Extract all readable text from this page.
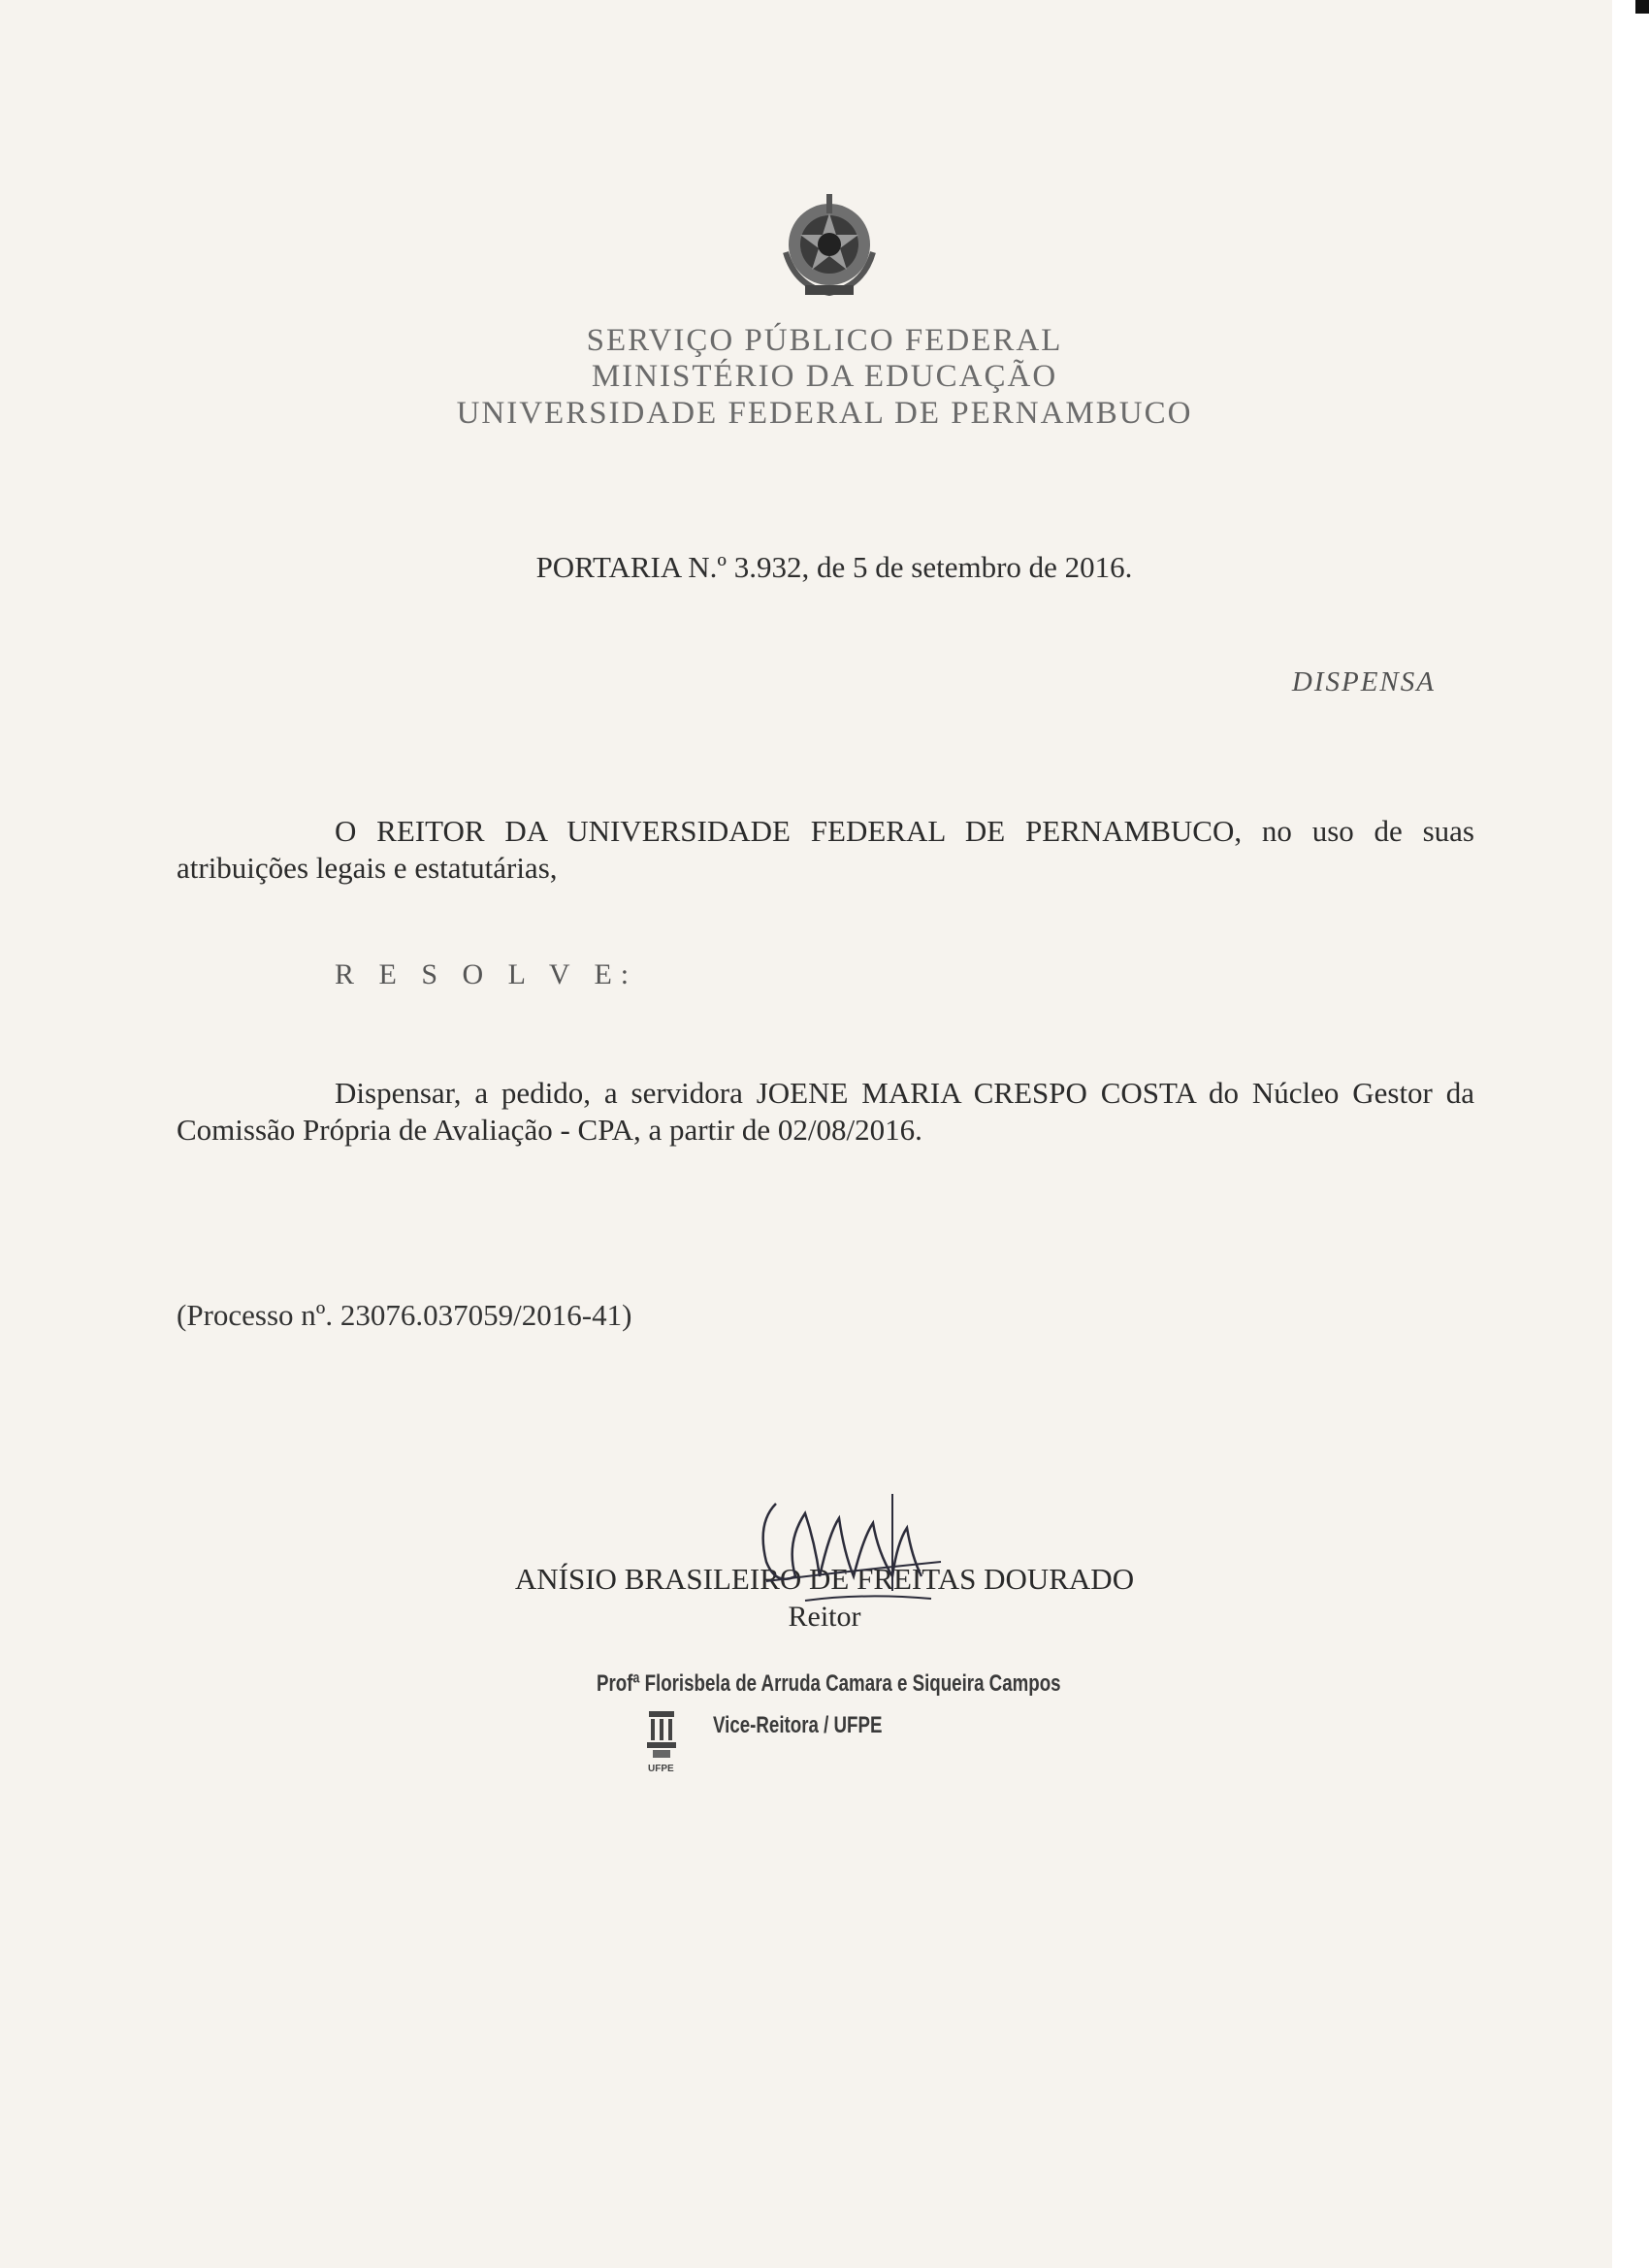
SERVIÇO PÚBLICO FEDERAL
MINISTÉRIO DA EDUCAÇÃO
UNIVERSIDADE FEDERAL DE PERNAMBUCO
PORTARIA N.º 3.932, de 5 de setembro de 2016.
DISPENSA
O REITOR DA UNIVERSIDADE FEDERAL DE PERNAMBUCO, no uso de suas atribuições legais e estatutárias,
R E S O L V E:
Dispensar, a pedido, a servidora JOENE MARIA CRESPO COSTA do Núcleo Gestor da Comissão Própria de Avaliação - CPA, a partir de 02/08/2016.
(Processo nº. 23076.037059/2016-41)
ANÍSIO BRASILEIRO DE FREITAS DOURADO
Reitor
Profª Florisbela de Arruda Camara e Siqueira Campos
Vice-Reitora / UFPE
UFPE
